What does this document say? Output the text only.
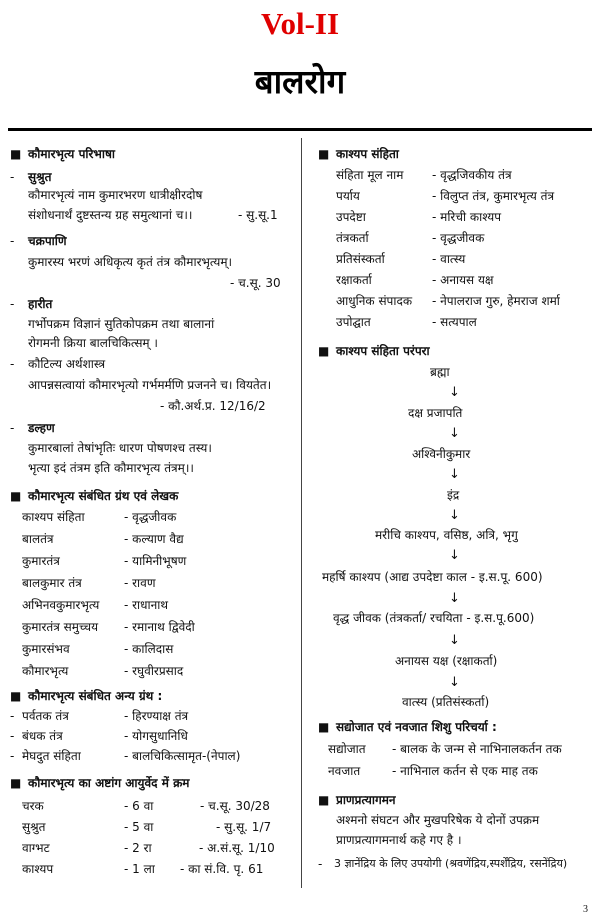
Vol-II
बालरोग
■ कौमारभृत्य परिभाषा
- सुश्रुत
कौमारभृत्यं नाम कुमारभरण धात्रीक्षीरदोष
संशोधनार्थं दुष्टस्तन्य ग्रह समुत्थानां च।।	- सु.सू.1
- चक्रपाणि
कुमारस्य भरणं अधिकृत्य कृतं तंत्र कौमारभृत्यम्।
- च.सू. 30
- हारीत
गर्भोपक्रम विज्ञानं सुतिकोपक्रम तथा बालानां
रोगमनी क्रिया बालचिकित्सम् ।
- कौटिल्य अर्थशास्त्र
आपन्नसत्वायां कौमारभृत्यो गर्भमर्मणि प्रजनने च। वियतेत।
- कौ.अर्थ.प्र. 12/16/2
- डल्हण
कुमारबालां तेषांभृतिः धारण पोषणश्च तस्य।
भृत्या इदं तंत्रम इति कौमारभृत्य तंत्रम्।।
■ कौमारभृत्य संबंधित ग्रंथ एवं लेखक
काश्यप संहिता	- वृद्धजीवक
बालतंत्र	- कल्याण वैद्य
कुमारतंत्र	- यामिनीभूषण
बालकुमार तंत्र	- रावण
अभिनवकुमारभृत्य - राधानाथ
कुमारतंत्र समुच्चय - रमानाथ द्विवेदी
कुमारसंभव	- कालिदास
कौमारभृत्य	- रघुवीरप्रसाद
■ कौमारभृत्य संबंधित अन्य ग्रंथ :
- पर्वतक तंत्र	- हिरण्याक्ष तंत्र
- बंधक तंत्र	- योगसुधानिधि
- मेघदुत संहिता	- बालचिकित्सामृत-(नेपाल)
■ कौमारभृत्य का अष्टांग आयुर्वेद में क्रम
चरक	- 6 वा	- च.सू. 30/28
सुश्रुत	- 5 वा	- सु.सू. 1/7
वाग्भट	- 2 रा	- अ.सं.सू. 1/10
काश्यप	- 1 ला - का सं.वि. पृ. 61
■ काश्यप संहिता
संहिता मूल नाम - वृद्धजिवकीय तंत्र
पर्याय	- विलुप्त तंत्र, कुमारभृत्य तंत्र
उपदेष्टा	- मरिची काश्यप
तंत्रकर्ता	- वृद्धजीवक
प्रतिसंस्कर्ता	- वात्स्य
रक्षाकर्ता	- अनायस यक्ष
आधुनिक संपादक - नेपालराज गुरु, हेमराज शर्मा
उपोद्घात	- सत्यपाल
■ काश्यप संहिता परंपरा
ब्रह्मा
↓
दक्ष प्रजापति
↓
अश्विनीकुमार
↓
इंद्र
↓
मरीचि काश्यप, वसिष्ठ, अत्रि, भृगु
↓
महर्षि काश्यप (आद्य उपदेष्टा काल - इ.स.पू. 600)
↓
वृद्ध जीवक (तंत्रकर्ता/ रचयिता - इ.स.पू.600)
↓
अनायस यक्ष (रक्षाकर्ता)
↓
वात्स्य (प्रतिसंस्कर्ता)
■ सद्योजात एवं नवजात शिशु परिचर्या :
सद्योजात - बालक के जन्म से नाभिनालकर्तन तक
नवजात	- नाभिनाल कर्तन से एक माह तक
■ प्राणप्रत्यागमन
अश्मनो संघटन और मुखपरिषेक ये दोनों उपक्रम
प्राणप्रत्यागमनार्थ कहे गए है ।
- 3 ज्ञानेंद्रिय के लिए उपयोगी (श्रवणेंद्रिय,स्पर्शेंद्रिय, रसनेंद्रिय)
3
